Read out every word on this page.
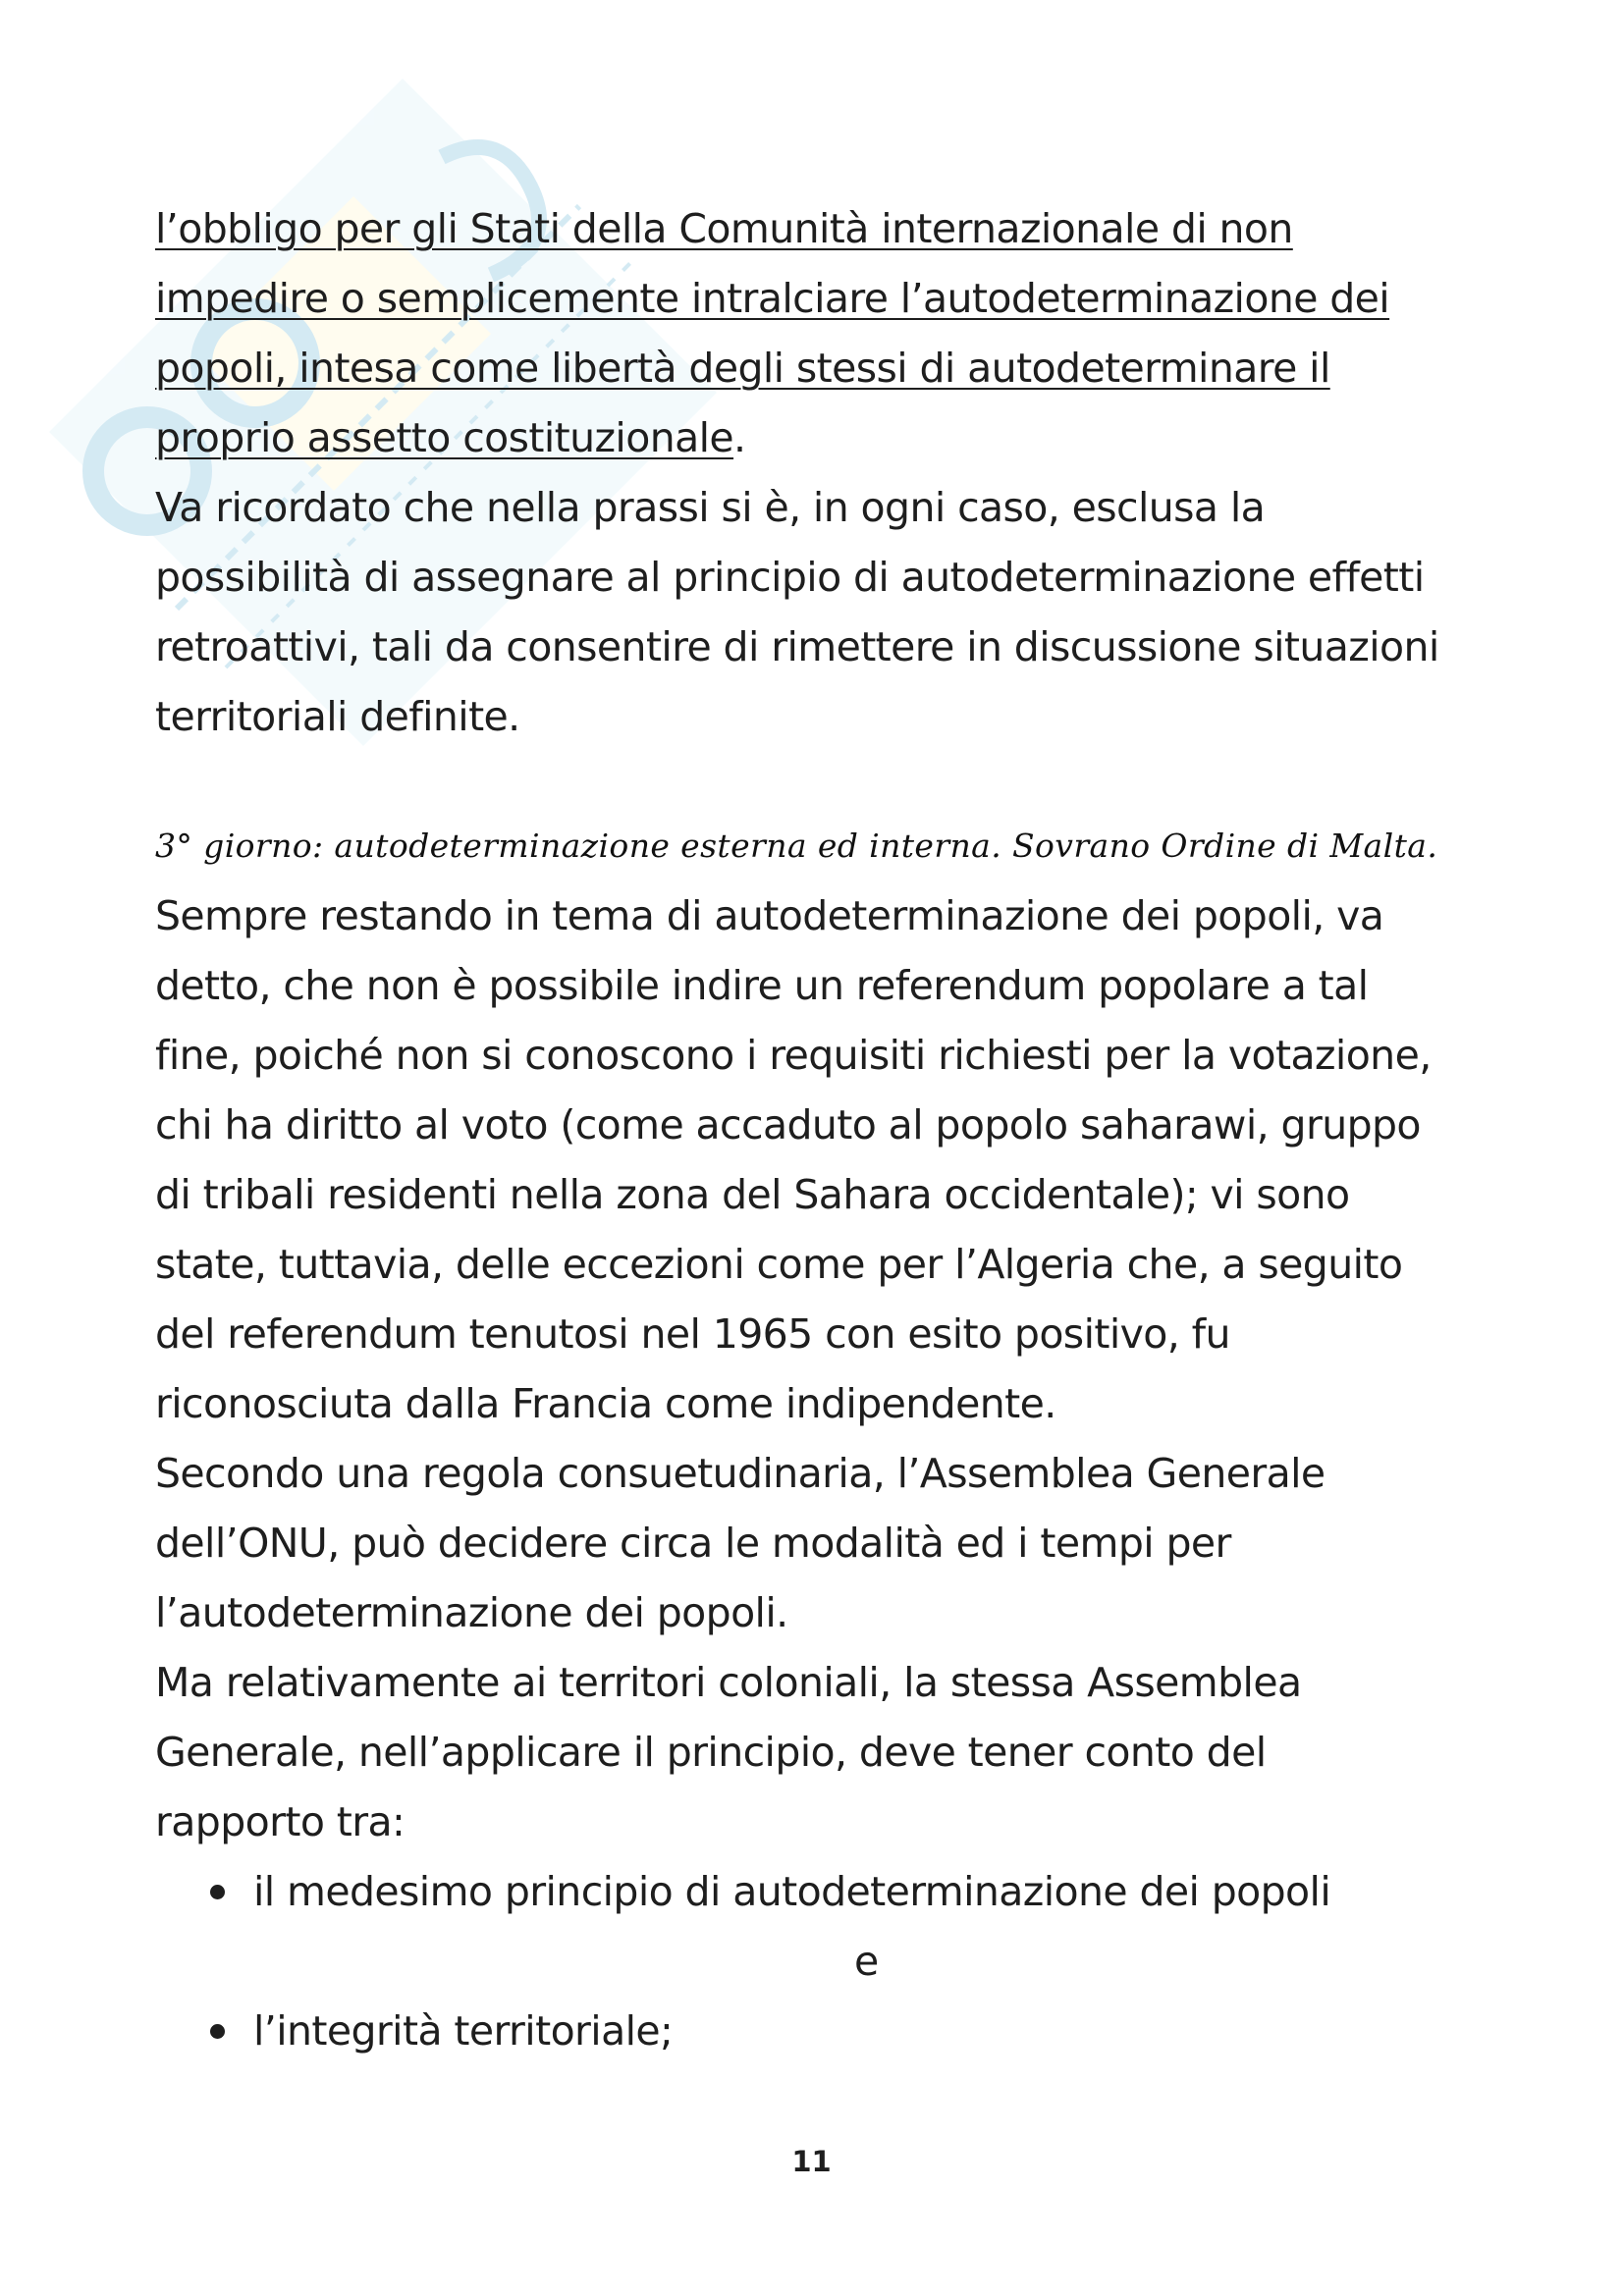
l’obbligo per gli Stati della Comunità internazionale di non
impedire o semplicemente intralciare l’autodeterminazione dei
popoli, intesa come libertà degli stessi di autodeterminare il
proprio assetto costituzionale.
Va ricordato che nella prassi si è, in ogni caso, esclusa la
possibilità di assegnare al principio di autodeterminazione effetti
retroattivi, tali da consentire di rimettere in discussione situazioni
territoriali definite.
3° giorno: autodeterminazione esterna ed interna. Sovrano Ordine di Malta.
Sempre restando in tema di autodeterminazione dei popoli, va
detto, che non è possibile indire un referendum popolare a tal
fine, poiché non si conoscono i requisiti richiesti per la votazione,
chi ha diritto al voto (come accaduto al popolo saharawi, gruppo
di tribali residenti nella zona del Sahara occidentale); vi sono
state, tuttavia, delle eccezioni come per l’Algeria che, a seguito
del referendum tenutosi nel 1965 con esito positivo, fu
riconosciuta dalla Francia come indipendente.
Secondo una regola consuetudinaria, l’Assemblea Generale
dell’ONU, può decidere circa le modalità ed i tempi per
l’autodeterminazione dei popoli.
Ma relativamente ai territori coloniali, la stessa Assemblea
Generale, nell’applicare il principio, deve tener conto del
rapporto tra:
il medesimo principio di autodeterminazione dei popoli
e
l’integrità territoriale;
11
